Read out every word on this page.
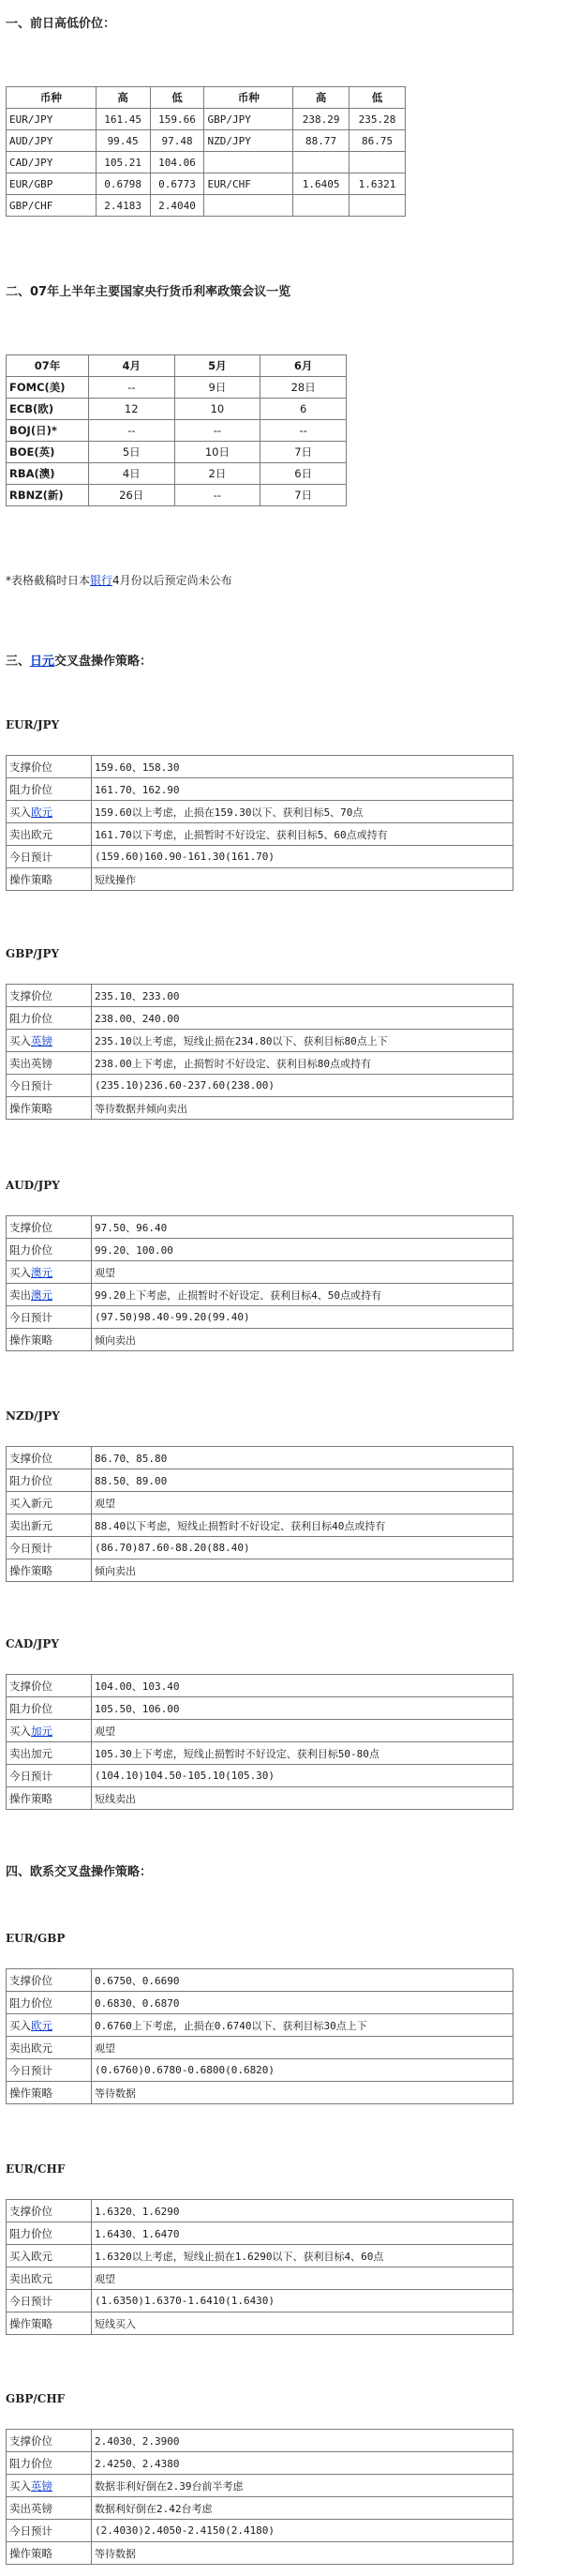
一、前日高低价位：
币种	高	低	币种	高	低
EUR/JPY	161.45	159.66	GBP/JPY	238.29	235.28
AUD/JPY	99.45	97.48	NZD/JPY	88.77	86.75
CAD/JPY	105.21	104.06			
EUR/GBP	0.6798	0.6773	EUR/CHF	1.6405	1.6321
GBP/CHF	2.4183	2.4040			
二、07年上半年主要国家央行货币利率政策会议一览
07年	4月	5月	6月
FOMC(美)	--	9日	28日
ECB(欧)	12	10	6
BOJ(日)*	--	--	--
BOE(英)	5日	10日	7日
RBA(澳)	4日	2日	6日
RBNZ(新)	26日	--	7日
*表格截稿时日本银行4月份以后预定尚未公布
三、日元交叉盘操作策略：
EUR/JPY
支撑价位	159.60、158.30
阻力价位	161.70、162.90
买入欧元	159.60以上考虑，止损在159.30以下、获利目标5、70点
卖出欧元	161.70以下考虑，止损暂时不好设定、获利目标5、60点或持有
今日预计	(159.60)160.90-161.30(161.70)
操作策略	短线操作
GBP/JPY
支撑价位	235.10、233.00
阻力价位	238.00、240.00
买入英镑	235.10以上考虑，短线止损在234.80以下、获利目标80点上下
卖出英镑	238.00上下考虑，止损暂时不好设定、获利目标80点或持有
今日预计	(235.10)236.60-237.60(238.00)
操作策略	等待数据并倾向卖出
AUD/JPY
支撑价位	97.50、96.40
阻力价位	99.20、100.00
买入澳元	观望
卖出澳元	99.20上下考虑，止损暂时不好设定、获利目标4、50点或持有
今日预计	(97.50)98.40-99.20(99.40)
操作策略	倾向卖出
NZD/JPY
支撑价位	86.70、85.80
阻力价位	88.50、89.00
买入新元	观望
卖出新元	88.40以下考虑，短线止损暂时不好设定、获利目标40点或持有
今日预计	(86.70)87.60-88.20(88.40)
操作策略	倾向卖出
CAD/JPY
支撑价位	104.00、103.40
阻力价位	105.50、106.00
买入加元	观望
卖出加元	105.30上下考虑，短线止损暂时不好设定、获利目标50-80点
今日预计	(104.10)104.50-105.10(105.30)
操作策略	短线卖出
EUR/GBP
支撑价位	0.6750、0.6690
阻力价位	0.6830、0.6870
买入欧元	0.6760上下考虑，止损在0.6740以下、获利目标30点上下
卖出欧元	观望
今日预计	(0.6760)0.6780-0.6800(0.6820)
操作策略	等待数据
EUR/CHF
支撑价位	1.6320、1.6290
阻力价位	1.6430、1.6470
买入欧元	1.6320以上考虑，短线止损在1.6290以下、获利目标4、60点
卖出欧元	观望
今日预计	(1.6350)1.6370-1.6410(1.6430)
操作策略	短线买入
GBP/CHF
支撑价位	2.4030、2.3900
阻力价位	2.4250、2.4380
买入英镑	数据非利好倒在2.39台前半考虑
卖出英镑	数据利好倒在2.42台考虑
今日预计	(2.4030)2.4050-2.4150(2.4180)
操作策略	等待数据
四、欧系交叉盘操作策略：
